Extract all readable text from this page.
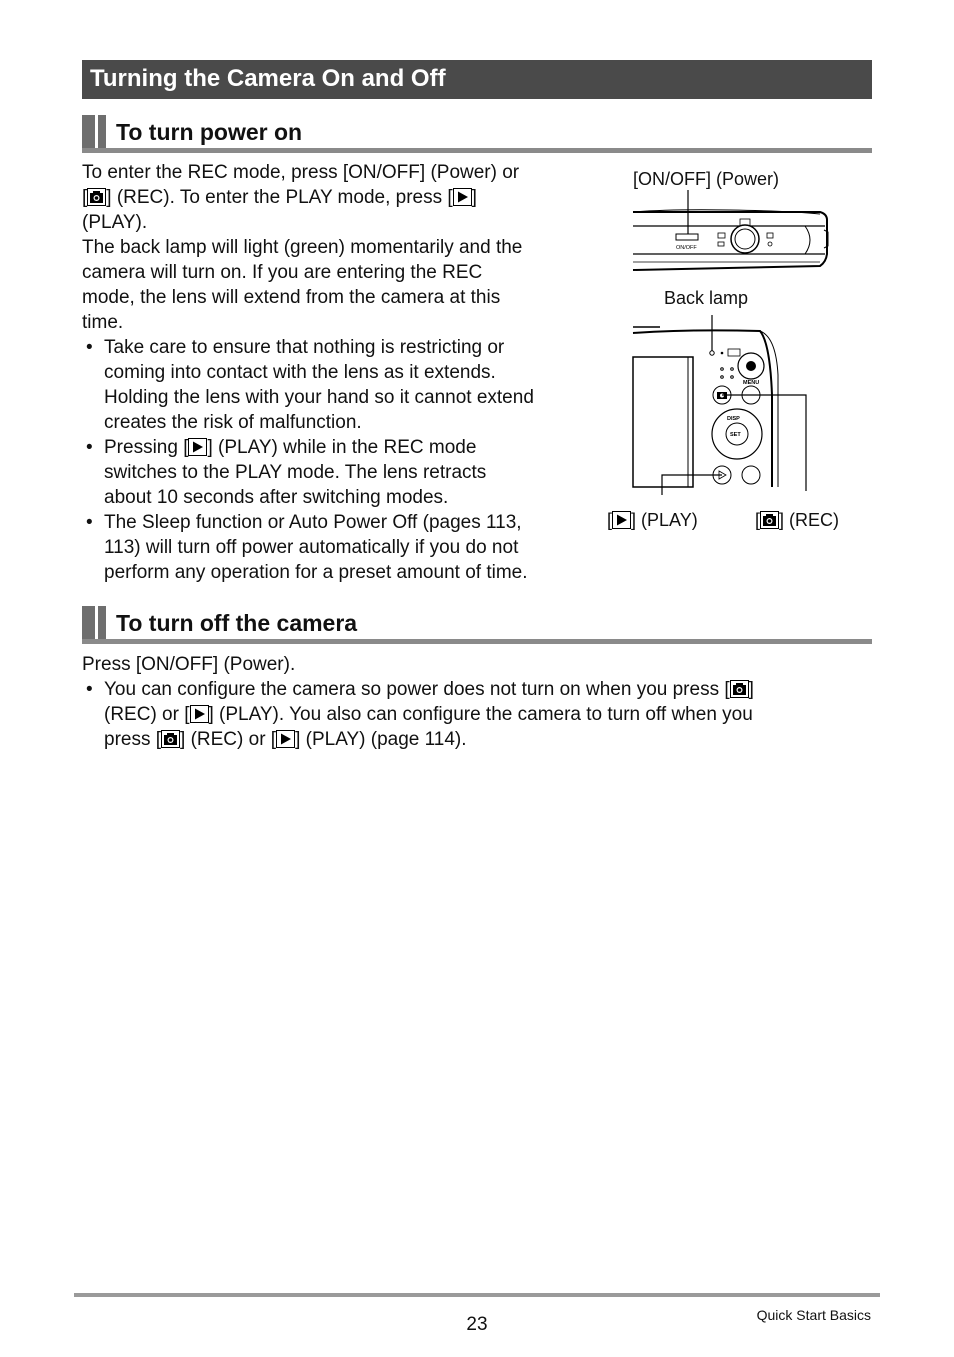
Turning the Camera On and Off
To turn power on

To enter the REC mode, press [ON/OFF] (Power) or

[ ] (REC). To enter the PLAY mode, press [ ]

(PLAY).

The back lamp will light (green) momentarily and the

camera will turn on. If you are entering the REC

mode, the lens will extend from the camera at this

time.

• Take care to ensure that nothing is restricting or

coming into contact with the lens as it extends.

Holding the lens with your hand so it cannot extend

creates the risk of malfunction.

• Pressing [ ] (PLAY) while in the REC mode

switches to the PLAY mode. The lens retracts

about 10 seconds after switching modes.

• The Sleep function or Auto Power Off (pages 113,

113) will turn off power automatically if you do not

perform any operation for a preset amount of time.

[ON/OFF] (Power)
Back lamp
[ ] (PLAY)	[ ] (REC)
ON/OFF
MENU
DISP
SET
To turn off the camera

Press [ON/OFF] (Power).

• You can configure the camera so power does not turn on when you press [ ]

(REC) or [ ] (PLAY). You also can configure the camera to turn off when you

press [ ] (REC) or [ ] (PLAY) (page 114).

23	Quick Start Basics
